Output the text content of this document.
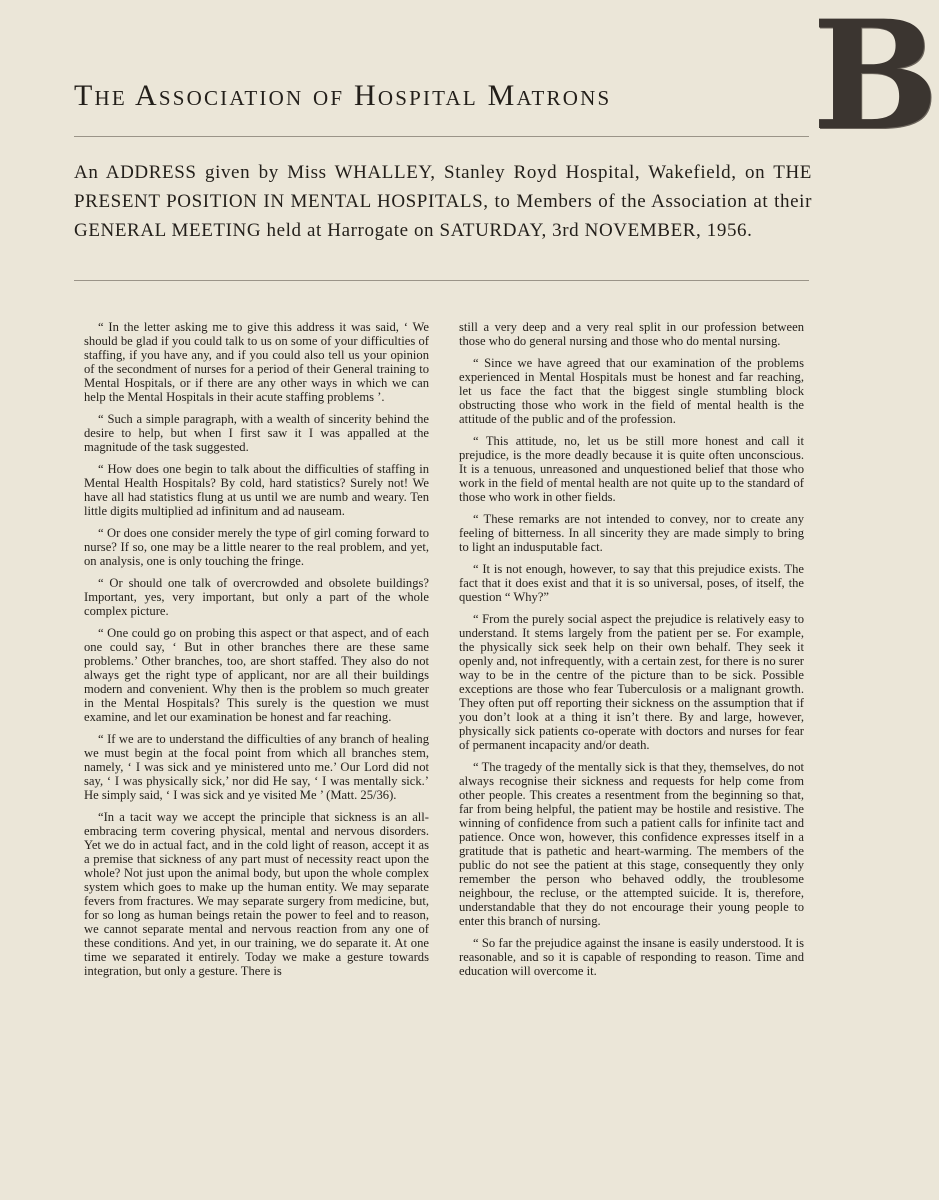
The Association of Hospital Matrons	B
An ADDRESS given by Miss WHALLEY, Stanley Royd Hospital, Wakefield, on THE PRESENT POSITION IN MENTAL HOSPITALS, to Members of the Association at their GENERAL MEETING held at Harrogate on SATURDAY, 3rd NOVEMBER, 1956.

“ In the letter asking me to give this address it was said, ‘ We should be glad if you could talk to us on some of your difficulties of staffing, if you have any, and if you could also tell us your opinion of the secondment of nurses for a period of their General training to Mental Hospitals, or if there are any other ways in which we can help the Mental Hospitals in their acute staffing problems ’.

“ Such a simple paragraph, with a wealth of sincerity behind the desire to help, but when I first saw it I was appalled at the magnitude of the task suggested.

“ How does one begin to talk about the difficulties of staffing in Mental Health Hospitals? By cold, hard statistics? Surely not! We have all had statistics flung at us until we are numb and weary. Ten little digits multiplied ad infinitum and ad nauseam.

“ Or does one consider merely the type of girl coming forward to nurse? If so, one may be a little nearer to the real problem, and yet, on analysis, one is only touching the fringe.

“ Or should one talk of overcrowded and obsolete buildings? Important, yes, very important, but only a part of the whole complex picture.

“ One could go on probing this aspect or that aspect, and of each one could say, ‘ But in other branches there are these same problems.’ Other branches, too, are short staffed. They also do not always get the right type of applicant, nor are all their buildings modern and convenient. Why then is the problem so much greater in the Mental Hospitals? This surely is the question we must examine, and let our examination be honest and far reaching.

“ If we are to understand the difficulties of any branch of healing we must begin at the focal point from which all branches stem, namely, ‘ I was sick and ye ministered unto me.’ Our Lord did not say, ‘ I was physically sick,’ nor did He say, ‘ I was mentally sick.’ He simply said, ‘ I was sick and ye visited Me ’ (Matt. 25/36).

“In a tacit way we accept the principle that sickness is an all-embracing term covering physical, mental and nervous disorders. Yet we do in actual fact, and in the cold light of reason, accept it as a premise that sickness of any part must of necessity react upon the whole? Not just upon the animal body, but upon the whole complex system which goes to make up the human entity. We may separate fevers from fractures. We may separate surgery from medicine, but, for so long as human beings retain the power to feel and to reason, we cannot separate mental and nervous reaction from any one of these conditions. And yet, in our training, we do separate it. At one time we separated it entirely. Today we make a gesture towards integration, but only a gesture. There is

still a very deep and a very real split in our profession between those who do general nursing and those who do mental nursing.

“ Since we have agreed that our examination of the problems experienced in Mental Hospitals must be honest and far reaching, let us face the fact that the biggest single stumbling block obstructing those who work in the field of mental health is the attitude of the public and of the profession.

“ This attitude, no, let us be still more honest and call it prejudice, is the more deadly because it is quite often unconscious. It is a tenuous, unreasoned and unquestioned belief that those who work in the field of mental health are not quite up to the standard of those who work in other fields.

“ These remarks are not intended to convey, nor to create any feeling of bitterness. In all sincerity they are made simply to bring to light an indusputable fact.

“ It is not enough, however, to say that this prejudice exists. The fact that it does exist and that it is so universal, poses, of itself, the question “ Why?”

“ From the purely social aspect the prejudice is relatively easy to understand. It stems largely from the patient per se. For example, the physically sick seek help on their own behalf. They seek it openly and, not infrequently, with a certain zest, for there is no surer way to be in the centre of the picture than to be sick. Possible exceptions are those who fear Tuberculosis or a malignant growth. They often put off reporting their sickness on the assumption that if you don’t look at a thing it isn’t there. By and large, however, physically sick patients co-operate with doctors and nurses for fear of permanent incapacity and/or death.

“ The tragedy of the mentally sick is that they, themselves, do not always recognise their sickness and requests for help come from other people. This creates a resentment from the beginning so that, far from being helpful, the patient may be hostile and resistive. The winning of confidence from such a patient calls for infinite tact and patience. Once won, however, this confidence expresses itself in a gratitude that is pathetic and heart-warming. The members of the public do not see the patient at this stage, consequently they only remember the person who behaved oddly, the troublesome neighbour, the recluse, or the attempted suicide. It is, therefore, understandable that they do not encourage their young people to enter this branch of nursing.

“ So far the prejudice against the insane is easily understood. It is reasonable, and so it is capable of responding to reason. Time and education will overcome it.
